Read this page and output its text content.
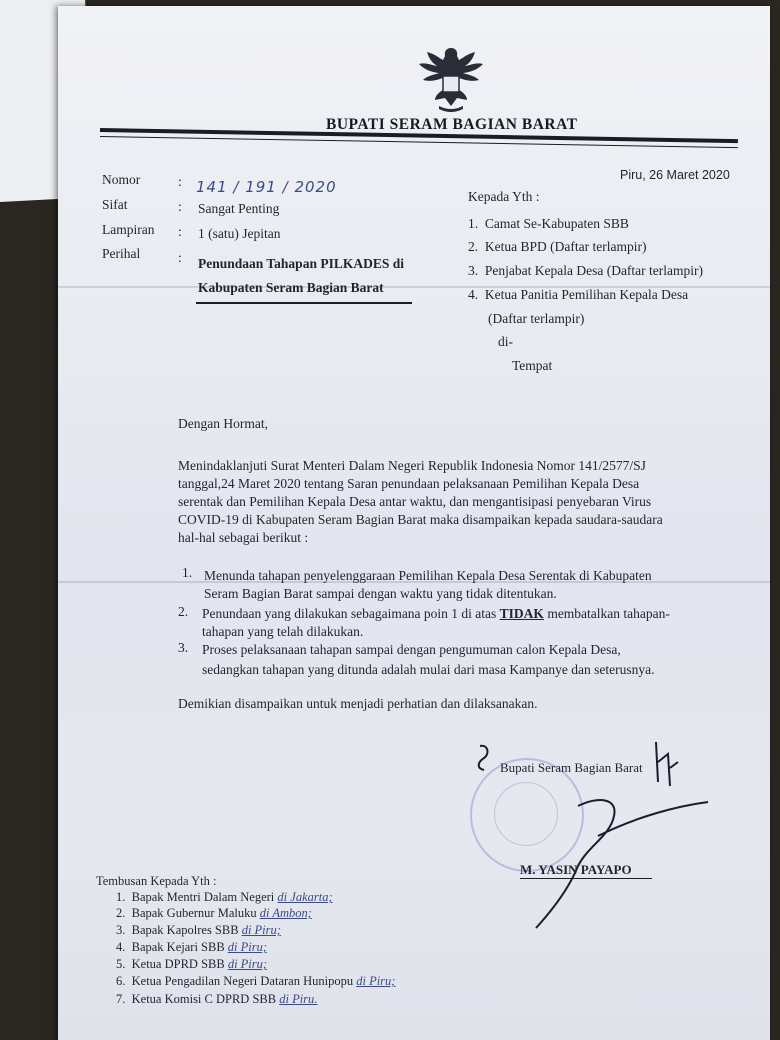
BUPATI SERAM BAGIAN BARAT
Piru, 26 Maret 2020
Nomor	: 141 / 191 / 2020
Sifat	: Sangat Penting
Lampiran : 1 (satu) Jepitan
Perihal	: Penundaan Tahapan PILKADES di
Kabupaten Seram Bagian Barat
Kepada Yth :
1. Camat Se-Kabupaten SBB
2. Ketua BPD (Daftar terlampir)
3. Penjabat Kepala Desa (Daftar terlampir)
4. Ketua Panitia Pemilihan Kepala Desa
(Daftar terlampir)
di-
Tempat
Dengan Hormat,
Menindaklanjuti Surat Menteri Dalam Negeri Republik Indonesia Nomor 141/2577/SJ
tanggal,24 Maret 2020 tentang Saran penundaan pelaksanaan Pemilihan Kepala Desa
serentak dan Pemilihan Kepala Desa antar waktu, dan mengantisipasi penyebaran Virus
COVID-19 di Kabupaten Seram Bagian Barat maka disampaikan kepada saudara-saudara
hal-hal sebagai berikut :
1. Menunda tahapan penyelenggaraan Pemilihan Kepala Desa Serentak di Kabupaten
Seram Bagian Barat sampai dengan waktu yang tidak ditentukan.
2. Penundaan yang dilakukan sebagaimana poin 1 di atas TIDAK membatalkan tahapan-
tahapan yang telah dilakukan.
3. Proses pelaksanaan tahapan sampai dengan pengumuman calon Kepala Desa,
sedangkan tahapan yang ditunda adalah mulai dari masa Kampanye dan seterusnya.
Demikian disampaikan untuk menjadi perhatian dan dilaksanakan.
Bupati Seram Bagian Barat
M. YASIN PAYAPO
Tembusan Kepada Yth :
1. Bapak Mentri Dalam Negeri di Jakarta;
2. Bapak Gubernur Maluku di Ambon;
3. Bapak Kapolres SBB di Piru;
4. Bapak Kejari SBB di Piru;
5. Ketua DPRD SBB di Piru;
6. Ketua Pengadilan Negeri Dataran Hunipopu di Piru;
7. Ketua Komisi C DPRD SBB di Piru.
